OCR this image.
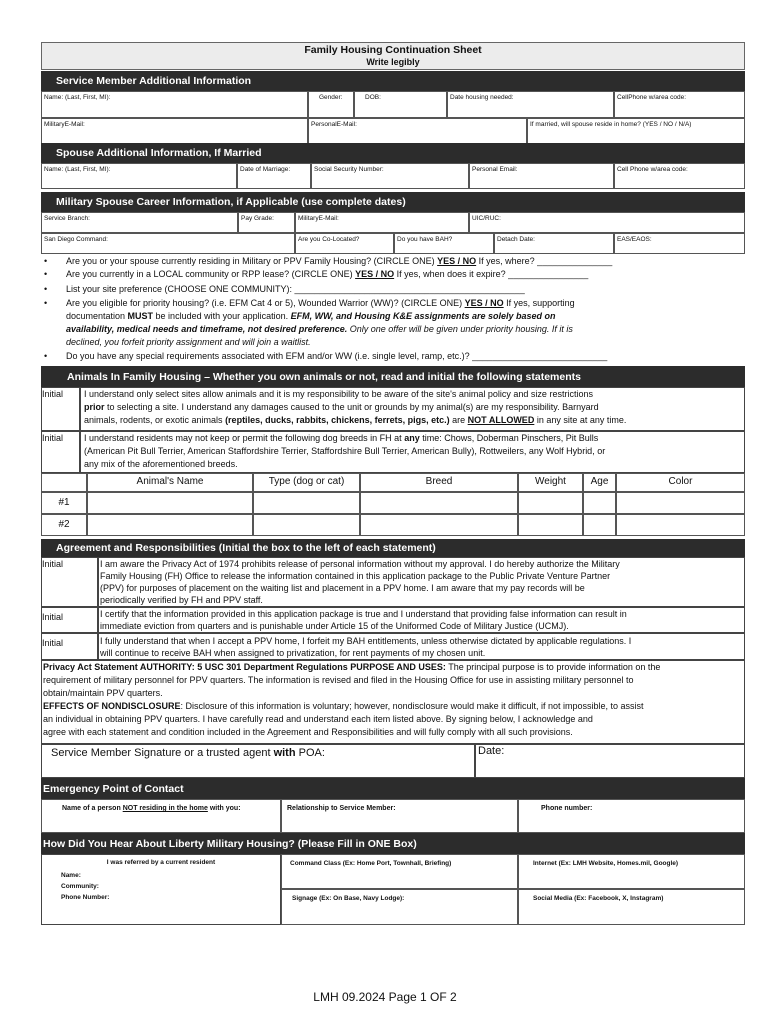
Family Housing Continuation Sheet
Write legibly
Service Member Additional Information
Name: (Last, First, MI):	Gender:	DOB:	Date housing needed:	CellPhone w/area code:
MilitaryE-Mail:	PersonalE-Mail:	If married, will spouse reside in home? (YES / NO / N/A)
Spouse Additional Information, If Married
Name: (Last, First, MI):	Date of Marriage:	Social Security Number:	Personal Email:	Cell Phone w/area code:
Military Spouse Career Information, if Applicable (use complete dates)
Service Branch:	Pay Grade:	MilitaryE-Mail:	UIC/RUC:
San Diego Command:	Are you Co-Located?	Do you have BAH?	Detach Date:	EAS/EAOS:
• Are you or your spouse currently residing in Military or PPV Family Housing? (CIRCLE ONE) YES / NO If yes, where? _______________
• Are you currently in a LOCAL community or RPP lease? (CIRCLE ONE) YES / NO If yes, when does it expire? ________________
• List your site preference (CHOOSE ONE COMMUNITY): ______________________________________________
• Are you eligible for priority housing? (i.e. EFM Cat 4 or 5), Wounded Warrior (WW)? (CIRCLE ONE) YES / NO If yes, supporting
documentation MUST be included with your application. EFM, WW, and Housing K&E assignments are solely based on
availability, medical needs and timeframe, not desired preference. Only one offer will be given under priority housing. If it is
declined, you forfeit priority assignment and will join a waitlist.
• Do you have any special requirements associated with EFM and/or WW (i.e. single level, ramp, etc.)? ___________________________
Animals In Family Housing – Whether you own animals or not, read and initial the following statements
Initial I understand only select sites allow animals and it is my responsibility to be aware of the site's animal policy and size restrictions
prior to selecting a site. I understand any damages caused to the unit or grounds by my animal(s) are my responsibility. Barnyard
animals, rodents, or exotic animals (reptiles, ducks, rabbits, chickens, ferrets, pigs, etc.) are NOT ALLOWED in any site at any time.
Initial I understand residents may not keep or permit the following dog breeds in FH at any time: Chows, Doberman Pinschers, Pit Bulls
(American Pit Bull Terrier, American Staffordshire Terrier, Staffordshire Bull Terrier, American Bully), Rottweilers, any Wolf Hybrid, or
any mix of the aforementioned breeds.
Animal's Name	Type (dog or cat)	Breed	Weight	Age	Color
#1
#2
Agreement and Responsibilities (Initial the box to the left of each statement)
Initial	I am aware the Privacy Act of 1974 prohibits release of personal information without my approval. I do hereby authorize the Military
Family Housing (FH) Office to release the information contained in this application package to the Public Private Venture Partner
(PPV) for purposes of placement on the waiting list and placement in a PPV home. I am aware that my pay records will be
periodically verified by FH and PPV staff.
Initial	I certify that the information provided in this application package is true and I understand that providing false information can result in
immediate eviction from quarters and is punishable under Article 15 of the Uniformed Code of Military Justice (UCMJ).
Initial	I fully understand that when I accept a PPV home, I forfeit my BAH entitlements, unless otherwise dictated by applicable regulations. I
will continue to receive BAH when assigned to privatization, for rent payments of my chosen unit.
Privacy Act Statement AUTHORITY: 5 USC 301 Department Regulations PURPOSE AND USES: The principal purpose is to provide information on the
requirement of military personnel for PPV quarters. The information is revised and filed in the Housing Office for use in assisting military personnel to
obtain/maintain PPV quarters.
EFFECTS OF NONDISCLOSURE: Disclosure of this information is voluntary; however, nondisclosure would make it difficult, if not impossible, to assist
an individual in obtaining PPV quarters. I have carefully read and understand each item listed above. By signing below, I acknowledge and
agree with each statement and condition included in the Agreement and Responsibilities and will fully comply with all such provisions.
Service Member Signature or a trusted agent with POA:	Date:
Emergency Point of Contact
Name of a person NOT residing in the home with you:	Relationship to Service Member:	Phone number:
How Did You Hear About Liberty Military Housing? (Please Fill in ONE Box)
I was referred by a current resident
Name:
Community:
Phone Number:
Command Class (Ex: Home Port, Townhall, Briefing)	Internet (Ex: LMH Website, Homes.mil, Google)
Signage (Ex: On Base, Navy Lodge):	Social Media (Ex: Facebook, X, Instagram)
LMH 09.2024 Page 1 OF 2
